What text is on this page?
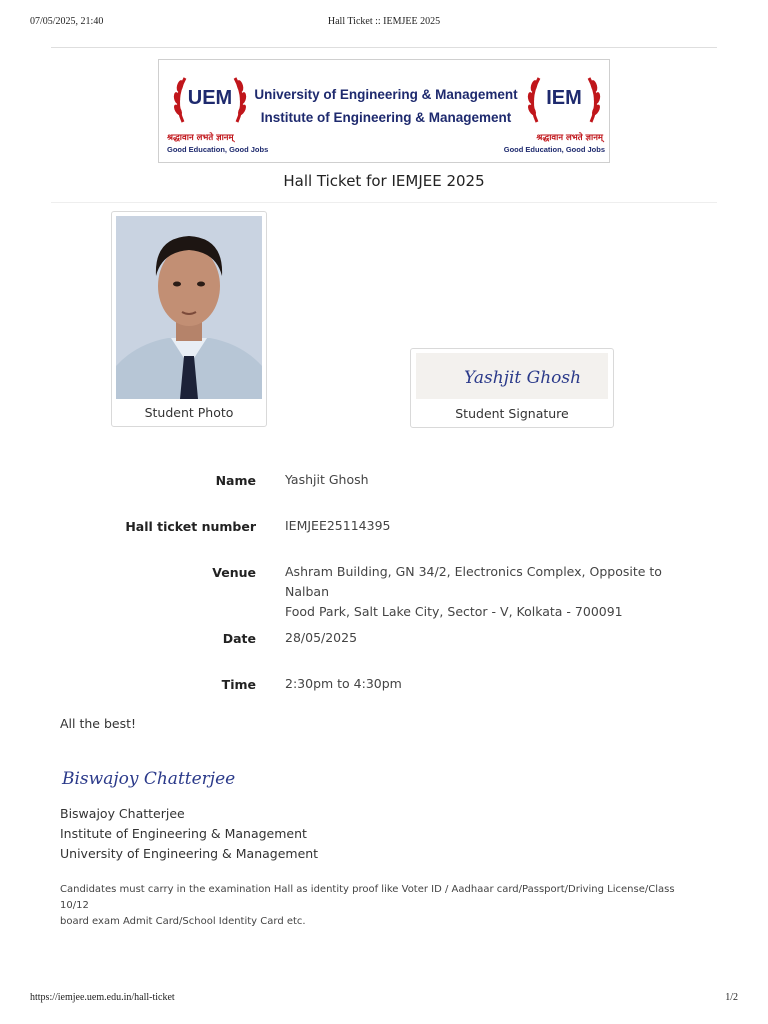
07/05/2025, 21:40	Hall Ticket :: IEMJEE 2025
UEM University of Engineering & Management
Institute of Engineering & Management
IEM
श्रद्धावान लभते ज्ञानम्	श्रद्धावान लभते ज्ञानम्
Good Education, Good Jobs	Good Education, Good Jobs
Hall Ticket for IEMJEE 2025
Student Photo
Yashjit Ghosh
Student Signature
Name Yashjit Ghosh
Hall ticket number IEMJEE25114395
Venue Ashram Building, GN 34/2, Electronics Complex, Opposite to Nalban
Food Park, Salt Lake City, Sector - V, Kolkata - 700091
Date 28/05/2025
Time 2:30pm to 4:30pm
All the best!
Biswajoy Chatterjee
Biswajoy Chatterjee
Institute of Engineering & Management
University of Engineering & Management
Candidates must carry in the examination Hall as identity proof like Voter ID / Aadhaar card/Passport/Driving License/Class 10/12
board exam Admit Card/School Identity Card etc.
https://iemjee.uem.edu.in/hall-ticket	1/2
